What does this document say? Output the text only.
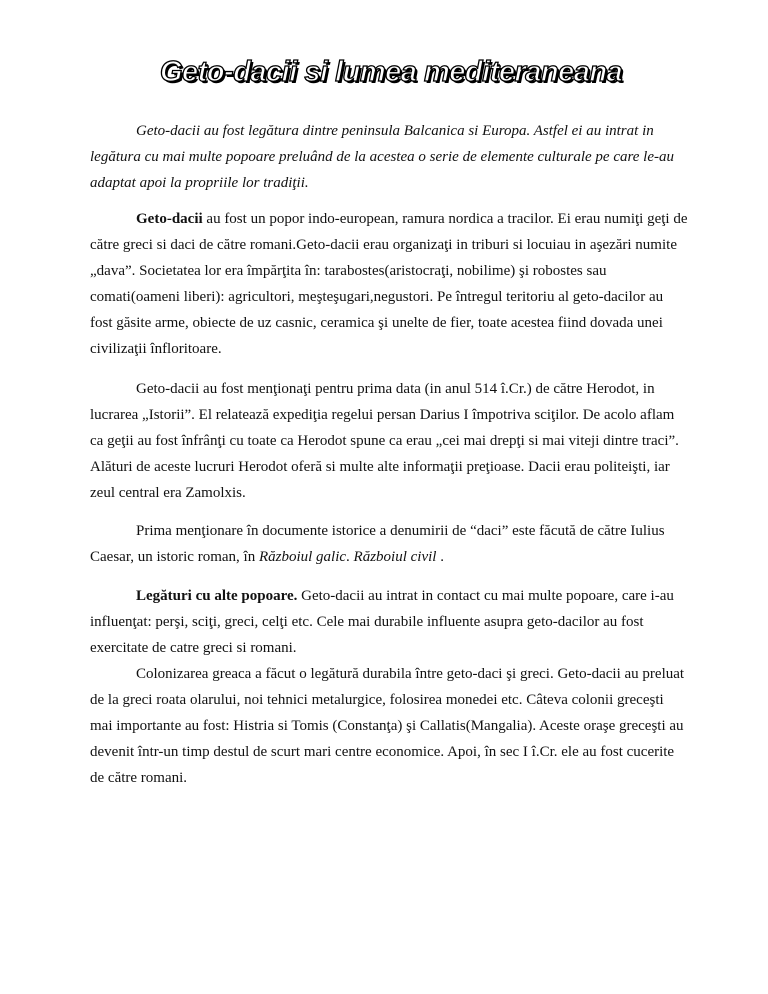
Geto-dacii si lumea mediteraneana

Geto-dacii au fost legătura dintre peninsula Balcanica si Europa. Astfel ei au intrat in legătura cu mai multe popoare preluând de la acestea o serie de elemente culturale pe care le-au adaptat apoi la propriile lor tradiţii.

Geto-dacii au fost un popor indo-european, ramura nordica a tracilor. Ei erau numiţi geţi de către greci si daci de către romani.Geto-dacii erau organizaţi in triburi si locuiau in aşezări numite „dava”. Societatea lor era împărţita în: tarabostes(aristocraţi, nobilime) şi robostes sau comati(oameni liberi): agricultori, meşteşugari,negustori. Pe întregul teritoriu al geto-dacilor au fost găsite arme, obiecte de uz casnic, ceramica şi unelte de fier, toate acestea fiind dovada unei civilizaţii înfloritoare.

Geto-dacii au fost menţionaţi pentru prima data (in anul 514 î.Cr.) de către Herodot, in lucrarea „Istorii”. El relatează expediţia regelui persan Darius I împotriva sciţilor. De acolo aflam ca geţii au fost înfrânţi cu toate ca Herodot spune ca erau „cei mai drepţi si mai viteji dintre traci”. Alături de aceste lucruri Herodot oferă si multe alte informaţii preţioase. Dacii erau politeişti, iar zeul central era Zamolxis.

Prima menţionare în documente istorice a denumirii de “daci” este făcută de către Iulius Caesar, un istoric roman, în Războiul galic. Războiul civil .

Legături cu alte popoare. Geto-dacii au intrat in contact cu mai multe popoare, care i-au influenţat: perşi, sciţi, greci, celţi etc. Cele mai durabile influente asupra geto-dacilor au fost exercitate de catre greci si romani.

Colonizarea greaca a făcut o legătură durabila între geto-daci şi greci. Geto-dacii au preluat de la greci roata olarului, noi tehnici metalurgice, folosirea monedei etc. Câteva colonii greceşti mai importante au fost: Histria si Tomis (Constanţa) şi Callatis(Mangalia). Aceste oraşe greceşti au devenit într-un timp destul de scurt mari centre economice. Apoi, în sec I î.Cr. ele au fost cucerite de către romani.
